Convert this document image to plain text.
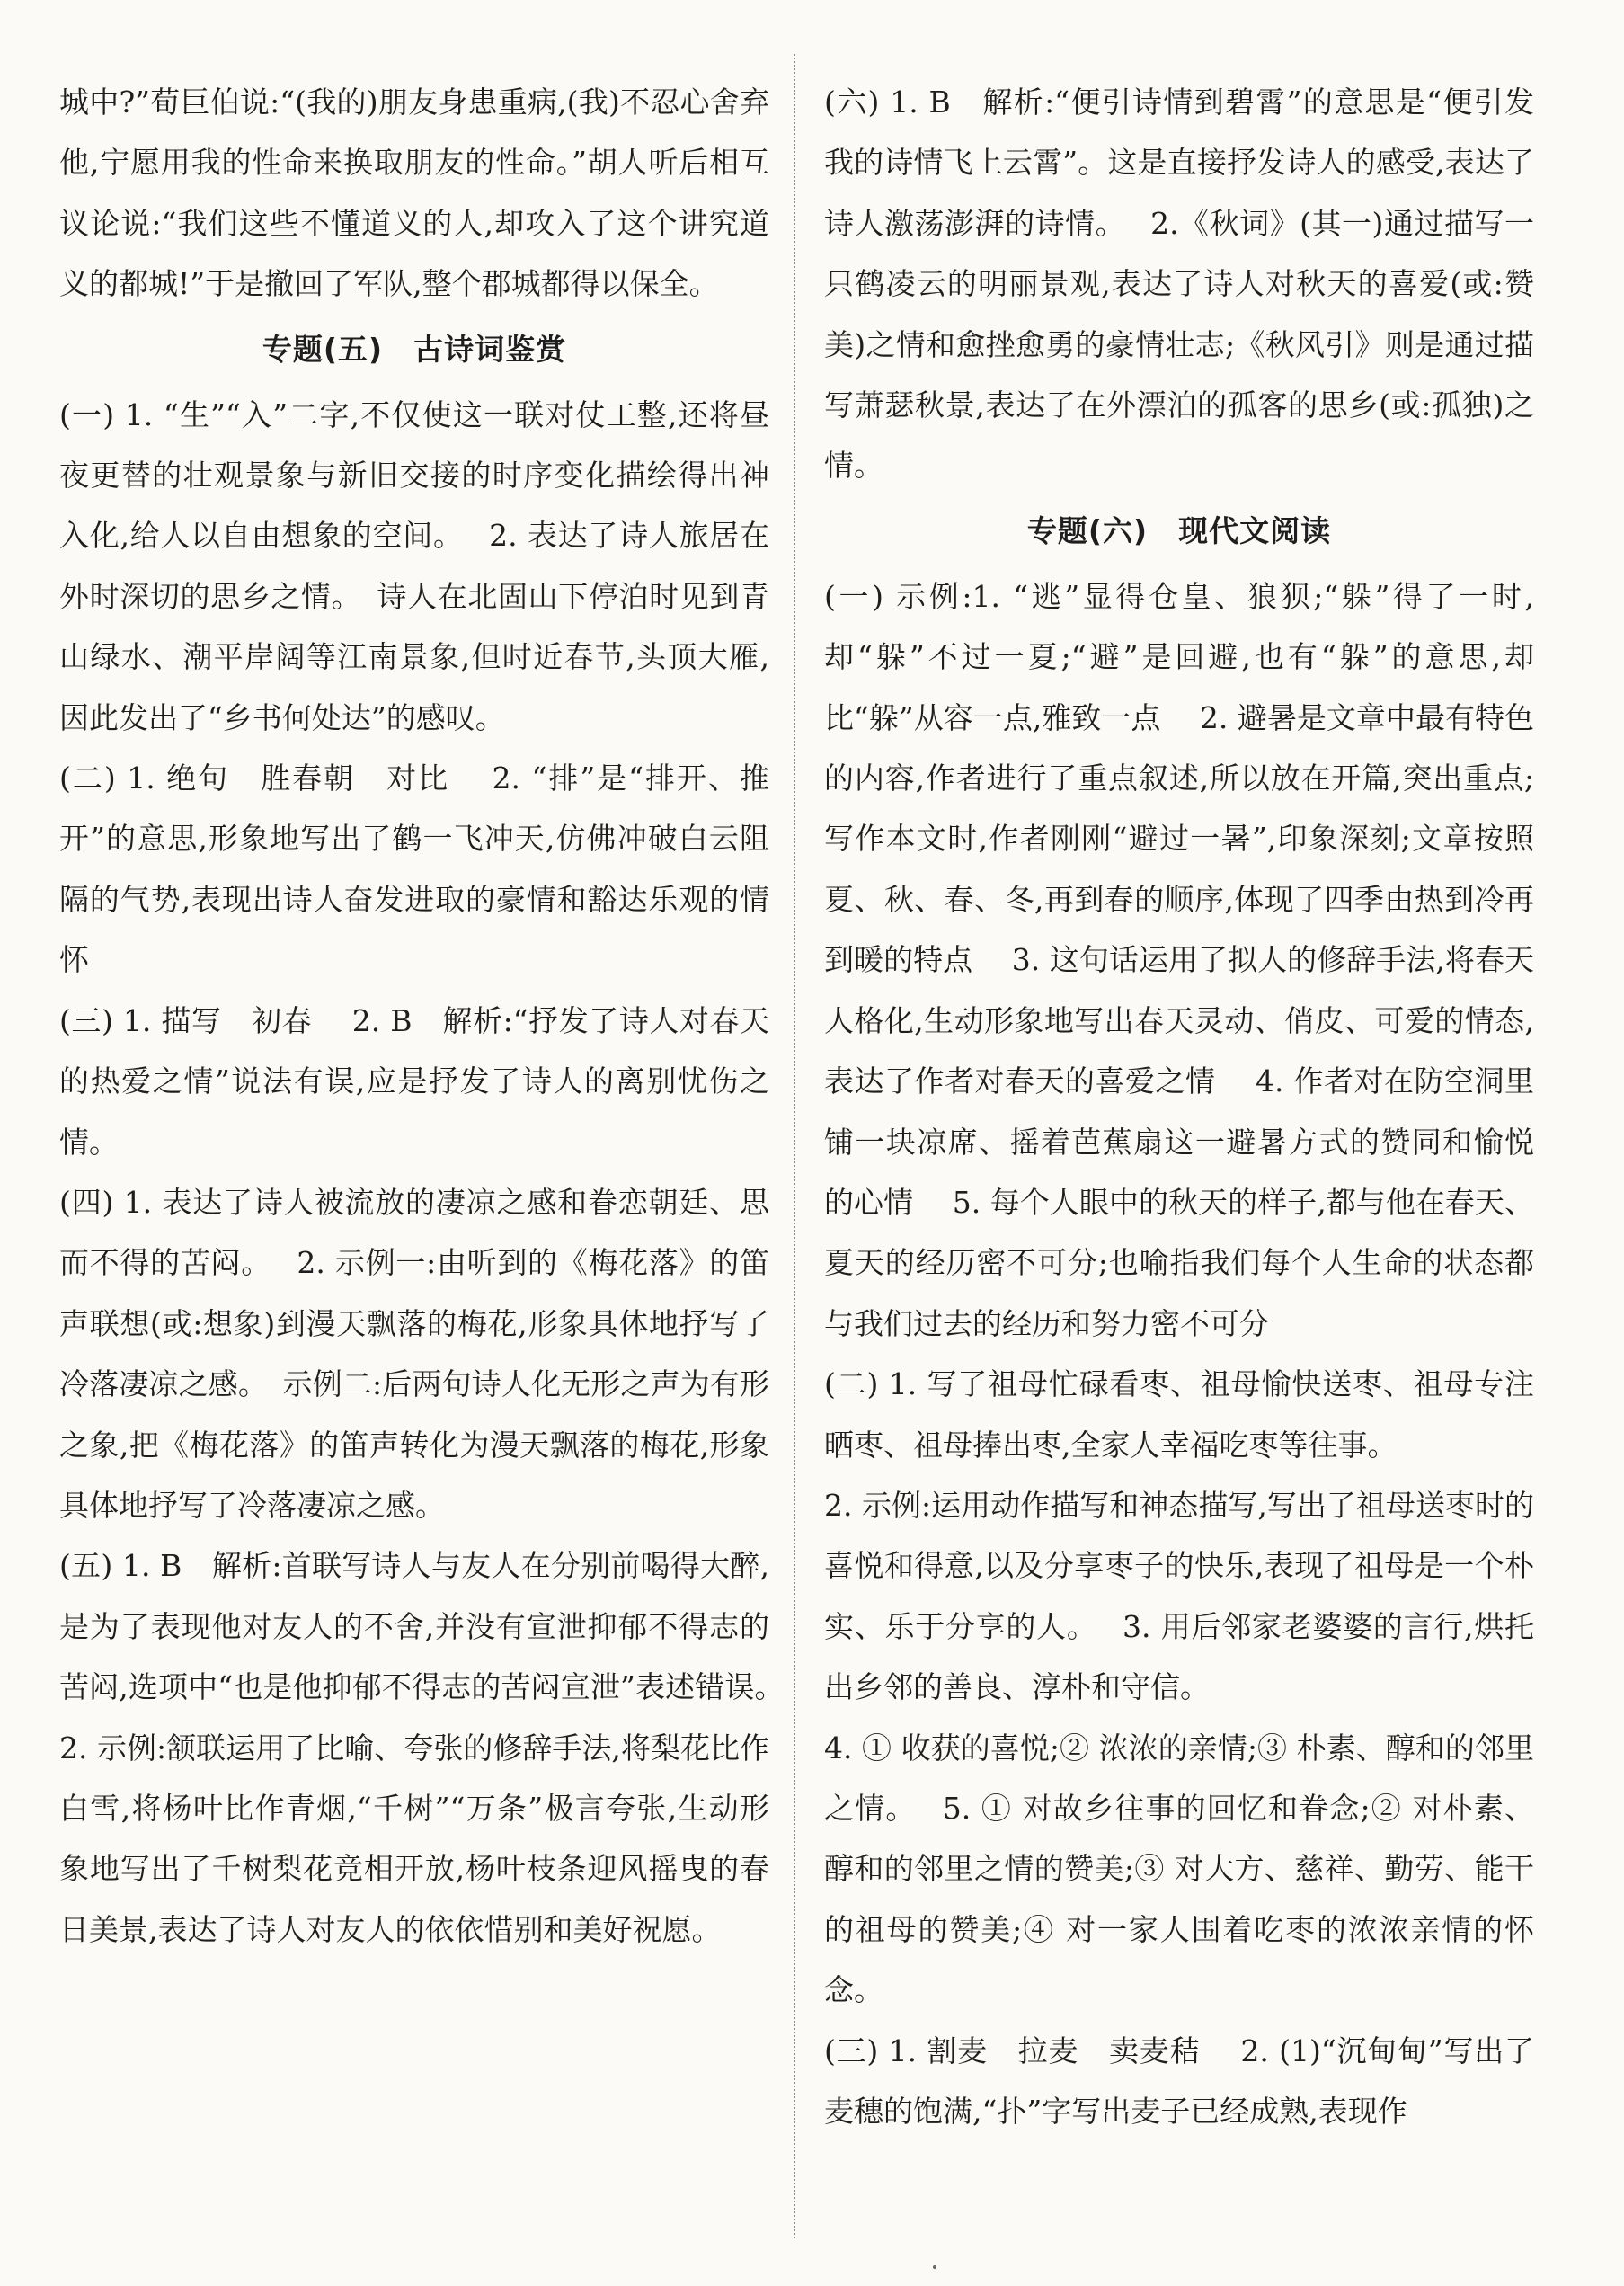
城中?”荀巨伯说:“(我的)朋友身患重病,(我)不忍心舍弃他,宁愿用我的性命来换取朋友的性命。”胡人听后相互议论说:“我们这些不懂道义的人,却攻入了这个讲究道义的都城!”于是撤回了军队,整个郡城都得以保全。

专题(五)　古诗词鉴赏

(一) 1. “生”“入”二字,不仅使这一联对仗工整,还将昼夜更替的壮观景象与新旧交接的时序变化描绘得出神入化,给人以自由想象的空间。　 2. 表达了诗人旅居在外时深切的思乡之情。　诗人在北固山下停泊时见到青山绿水、潮平岸阔等江南景象,但时近春节,头顶大雁,因此发出了“乡书何处达”的感叹。

(二) 1. 绝句　胜春朝　对比　 2. “排”是“排开、推开”的意思,形象地写出了鹤一飞冲天,仿佛冲破白云阻隔的气势,表现出诗人奋发进取的豪情和豁达乐观的情怀

(三) 1. 描写　初春　 2. B　解析:“抒发了诗人对春天的热爱之情”说法有误,应是抒发了诗人的离别忧伤之情。

(四) 1. 表达了诗人被流放的凄凉之感和眷恋朝廷、思而不得的苦闷。　 2. 示例一:由听到的《梅花落》的笛声联想(或:想象)到漫天飘落的梅花,形象具体地抒写了冷落凄凉之感。　示例二:后两句诗人化无形之声为有形之象,把《梅花落》的笛声转化为漫天飘落的梅花,形象具体地抒写了冷落凄凉之感。

(五) 1. B　解析:首联写诗人与友人在分别前喝得大醉,是为了表现他对友人的不舍,并没有宣泄抑郁不得志的苦闷,选项中“也是他抑郁不得志的苦闷宣泄”表述错误。　 2. 示例:颔联运用了比喻、夸张的修辞手法,将梨花比作白雪,将杨叶比作青烟,“千树”“万条”极言夸张,生动形象地写出了千树梨花竞相开放,杨叶枝条迎风摇曳的春日美景,表达了诗人对友人的依依惜别和美好祝愿。

(六) 1. B　解析:“便引诗情到碧霄”的意思是“便引发我的诗情飞上云霄”。这是直接抒发诗人的感受,表达了诗人激荡澎湃的诗情。　 2.《秋词》(其一)通过描写一只鹤凌云的明丽景观,表达了诗人对秋天的喜爱(或:赞美)之情和愈挫愈勇的豪情壮志;《秋风引》则是通过描写萧瑟秋景,表达了在外漂泊的孤客的思乡(或:孤独)之情。

专题(六)　现代文阅读

(一) 示例:1. “逃”显得仓皇、狼狈;“躲”得了一时,却“躲”不过一夏;“避”是回避,也有“躲”的意思,却比“躲”从容一点,雅致一点　 2. 避暑是文章中最有特色的内容,作者进行了重点叙述,所以放在开篇,突出重点;写作本文时,作者刚刚“避过一暑”,印象深刻;文章按照夏、秋、春、冬,再到春的顺序,体现了四季由热到冷再到暖的特点　 3. 这句话运用了拟人的修辞手法,将春天人格化,生动形象地写出春天灵动、俏皮、可爱的情态,表达了作者对春天的喜爱之情　 4. 作者对在防空洞里铺一块凉席、摇着芭蕉扇这一避暑方式的赞同和愉悦的心情　 5. 每个人眼中的秋天的样子,都与他在春天、夏天的经历密不可分;也喻指我们每个人生命的状态都与我们过去的经历和努力密不可分

(二) 1. 写了祖母忙碌看枣、祖母愉快送枣、祖母专注晒枣、祖母捧出枣,全家人幸福吃枣等往事。

2. 示例:运用动作描写和神态描写,写出了祖母送枣时的喜悦和得意,以及分享枣子的快乐,表现了祖母是一个朴实、乐于分享的人。　 3. 用后邻家老婆婆的言行,烘托出乡邻的善良、淳朴和守信。

4. ① 收获的喜悦;② 浓浓的亲情;③ 朴素、醇和的邻里之情。　 5. ① 对故乡往事的回忆和眷念;② 对朴素、醇和的邻里之情的赞美;③ 对大方、慈祥、勤劳、能干的祖母的赞美;④ 对一家人围着吃枣的浓浓亲情的怀念。

(三) 1. 割麦　拉麦　卖麦秸　 2. (1)“沉甸甸”写出了麦穗的饱满,“扑”字写出麦子已经成熟,表现作
